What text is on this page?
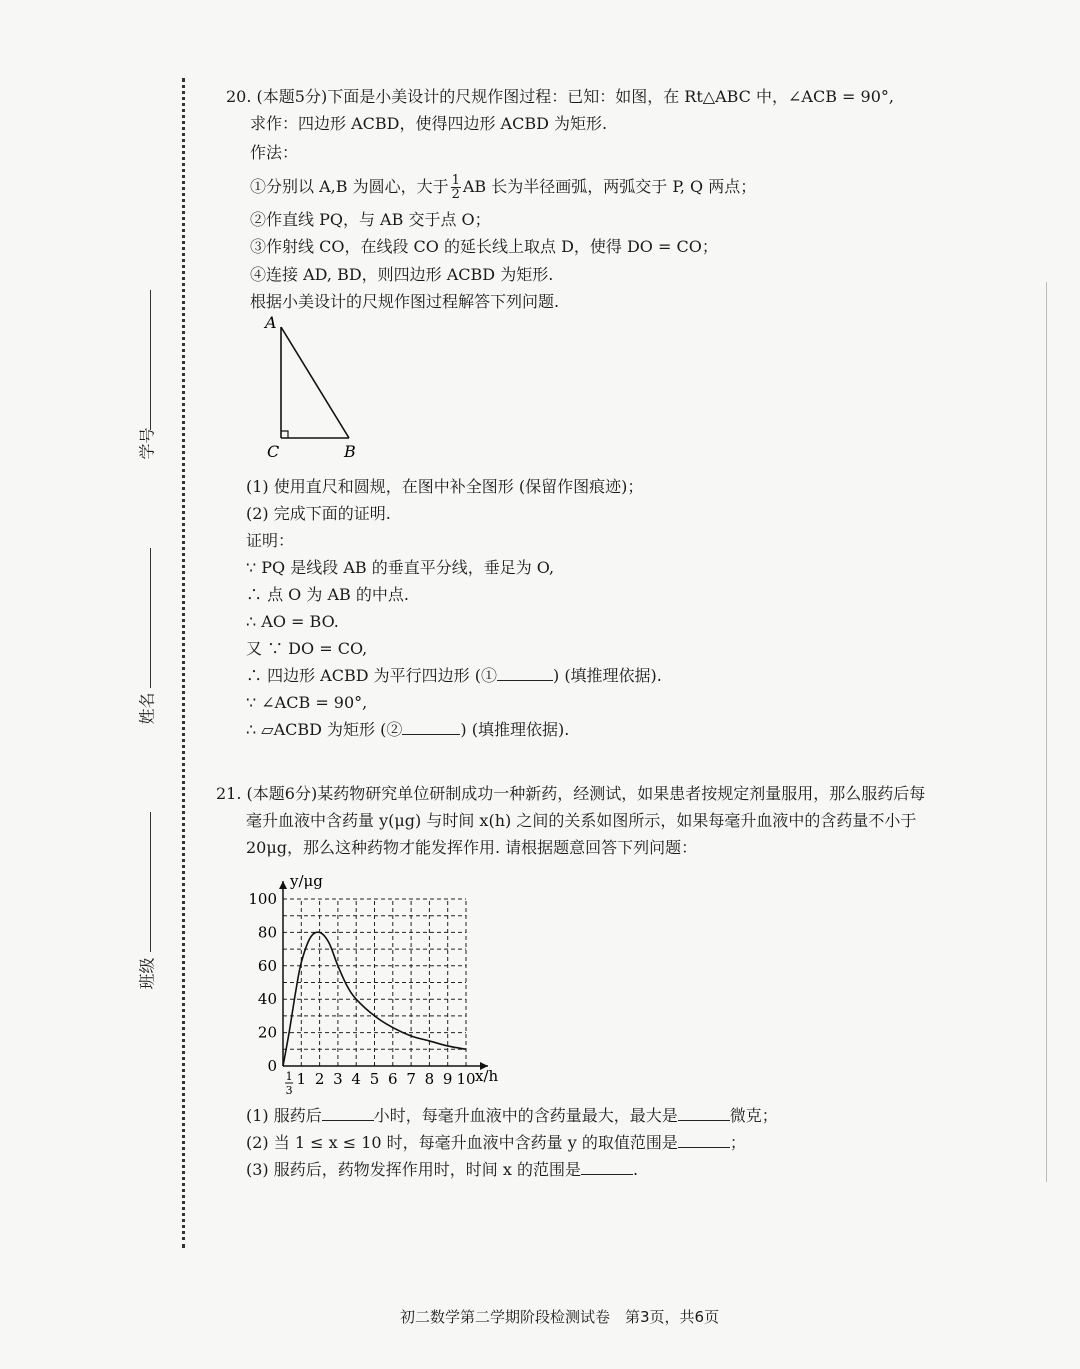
学号
姓名
班级
20. (本题5分)下面是小美设计的尺规作图过程：已知：如图，在 Rt△ABC 中，∠ACB = 90°,
求作：四边形 ACBD，使得四边形 ACBD 为矩形.
作法：
①分别以 A,B 为圆心，大于 $\frac{1}{2}$ AB 长为半径画弧，两弧交于 P, Q 两点；
②作直线 PQ，与 AB 交于点 O；
③作射线 CO，在线段 CO 的延长线上取点 D，使得 DO = CO；
④连接 AD, BD，则四边形 ACBD 为矩形.
根据小美设计的尺规作图过程解答下列问题.
A
C	B
(1) 使用直尺和圆规，在图中补全图形 (保留作图痕迹)；
(2) 完成下面的证明.
证明：
∵ PQ 是线段 AB 的垂直平分线，垂足为 O,
∴ 点 O 为 AB 的中点.
∴ AO = BO.
又 ∵ DO = CO,
∴ 四边形 ACBD 为平行四边形 (①	) (填推理依据).
∵ ∠ACB = 90°,
∴ ▱ACBD 为矩形 (②	) (填推理依据).
21. (本题6分)某药物研究单位研制成功一种新药，经测试，如果患者按规定剂量服用，那么服药后每
毫升血液中含药量 y(μg) 与时间 x(h) 之间的关系如图所示，如果每毫升血液中的含药量不小于
20μg，那么这种药物才能发挥作用. 请根据题意回答下列问题：
0
20
40
60
80
100
1 2 3 4 5 6 7 8 9 10
1
3
y/μg
x/h
(1) 服药后	小时，每毫升血液中的含药量最大，最大是	微克；
(2) 当 1 ≤ x ≤ 10 时，每毫升血液中含药量 y 的取值范围是	；
(3) 服药后，药物发挥作用时，时间 x 的范围是	.
初二数学第二学期阶段检测试卷　第3页，共6页
